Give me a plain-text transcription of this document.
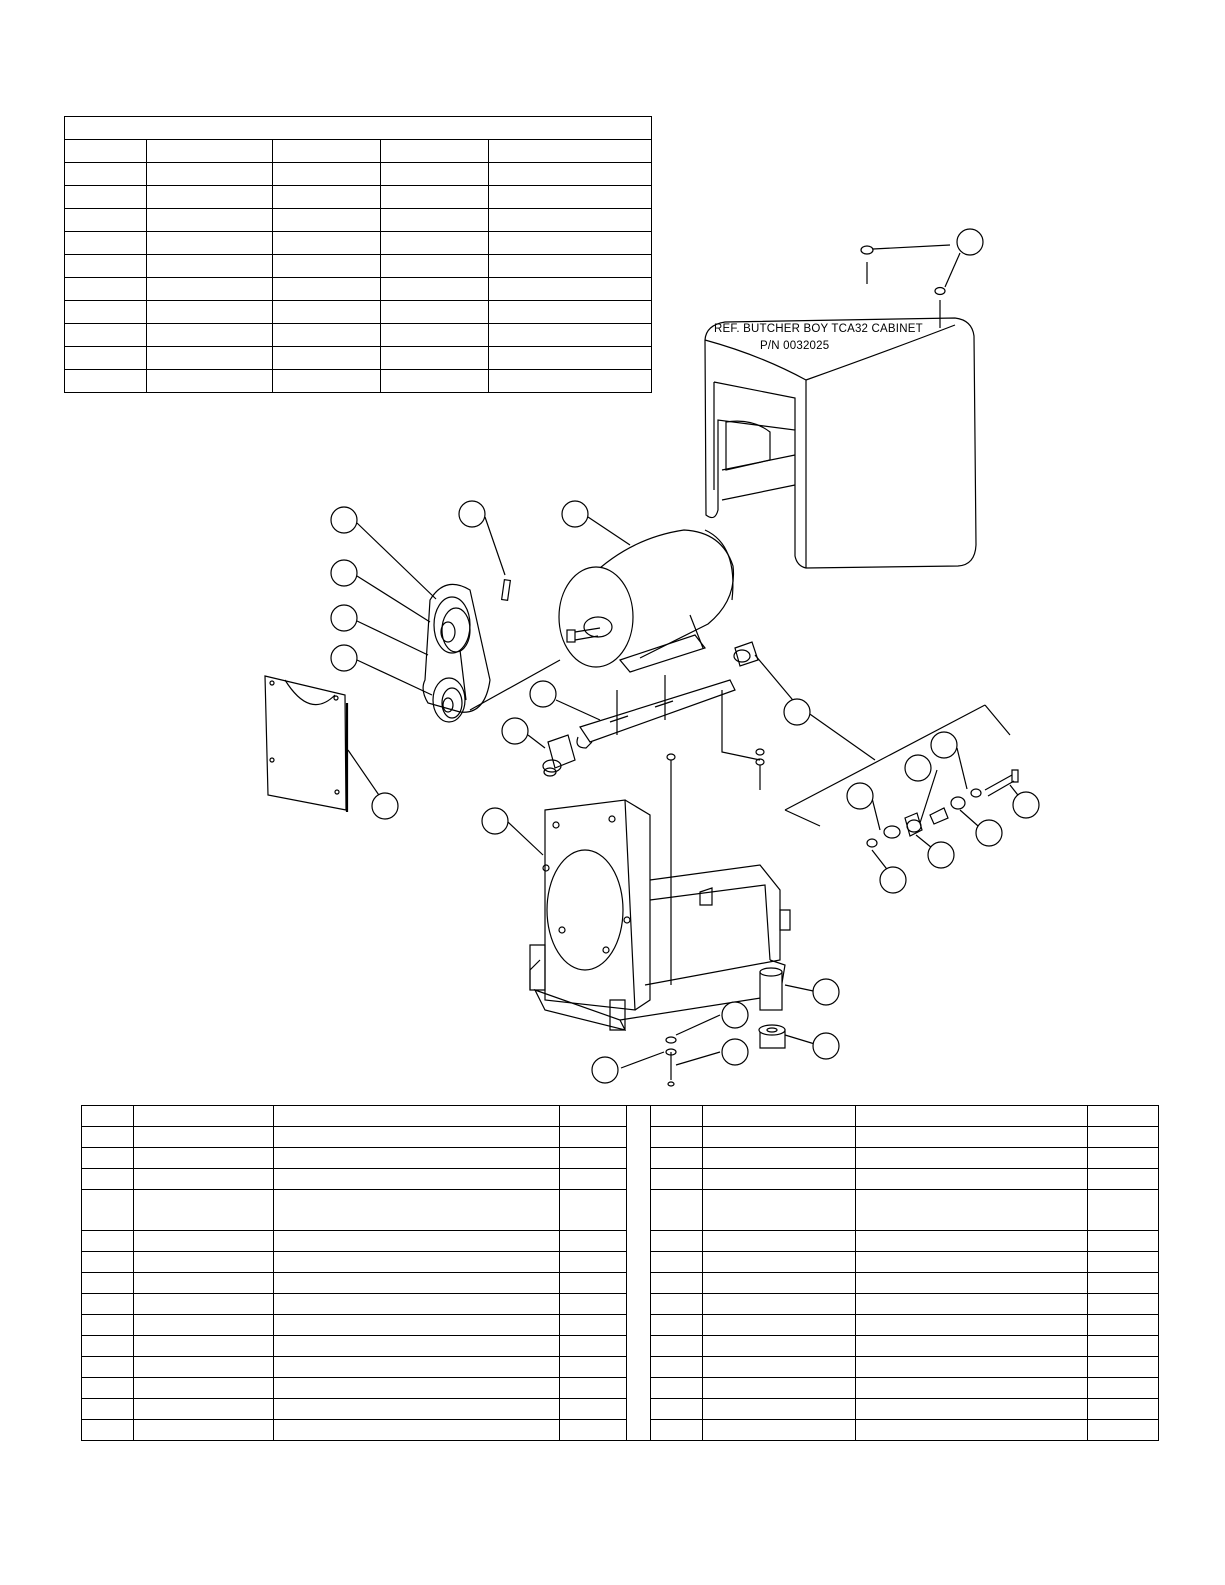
REF. BUTCHER BOY TCA32 CABINET
P/N 0032025
